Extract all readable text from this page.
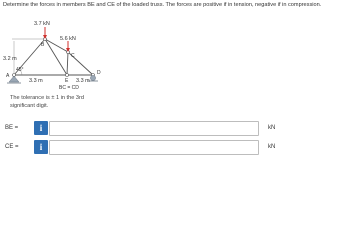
Determine the forces in members BE and CE of the loaded truss. The forces are positive if in tension, negative if in compression.
3.7 kN
5.6 kN
3.2 m
45°
3.3 m	3.3 m
BC = CD
A
B
C
D
E
The tolerance is ± 1 in the 3rd
significant digit.
BE =	i	kN
CE =	i	kN
